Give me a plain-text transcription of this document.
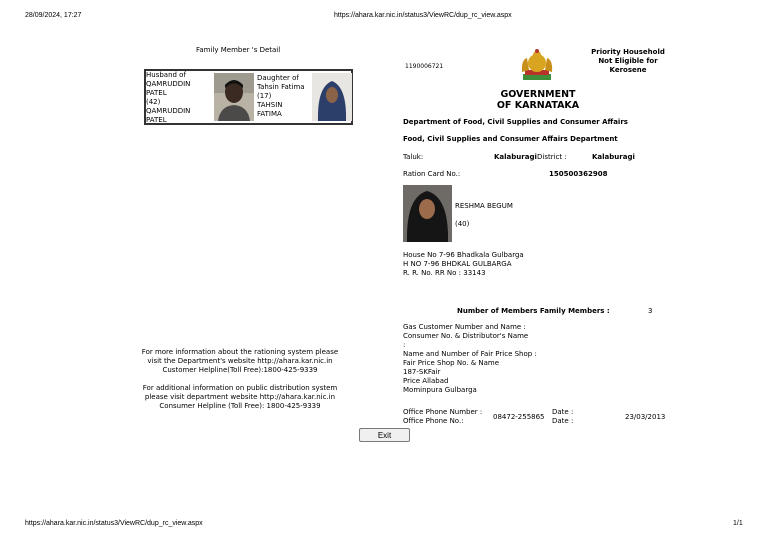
28/09/2024, 17:27	https://ahara.kar.nic.in/status3/ViewRC/dup_rc_view.aspx
Family Member 's Detail
Husband of
QAMRUDDIN
PATEL
(42)
QAMRUDDIN
PATEL
Daughter of
Tahsin Fatima
(17)
TAHSIN
FATIMA
For more information about the rationing system please
visit the Department's website http://ahara.kar.nic.in
Customer Helpline(Toll Free):1800-425-9339
For additional information on public distribution system
please visit department website http://ahara.kar.nic.in
Consumer Helpline (Toll Free): 1800-425-9339
1190006721
Priority Household
Not Eligible for
Kerosene
GOVERNMENT
OF KARNATAKA
Department of Food, Civil Supplies and Consumer Affairs
Food, Civil Supplies and Consumer Affairs Department
Taluk:	Kalaburagi District :	Kalaburagi
Ration Card No.:	150500362908
RESHMA BEGUM
(40)
House No 7-96 Bhadkala Gulbarga
H NO 7-96 BHDKAL GULBARGA
R. R. No. RR No : 33143
Number of Members Family Members :	3
Gas Customer Number and Name :
Consumer No. & Distributor's Name
:
Name and Number of Fair Price Shop :
Fair Price Shop No. & Name
187-SKFair
Price Allabad
Mominpura Gulbarga
Office Phone Number :
Office Phone No.:	08472-255865
Date :
Date :	23/03/2013
Exit
https://ahara.kar.nic.in/status3/ViewRC/dup_rc_view.aspx	1/1
